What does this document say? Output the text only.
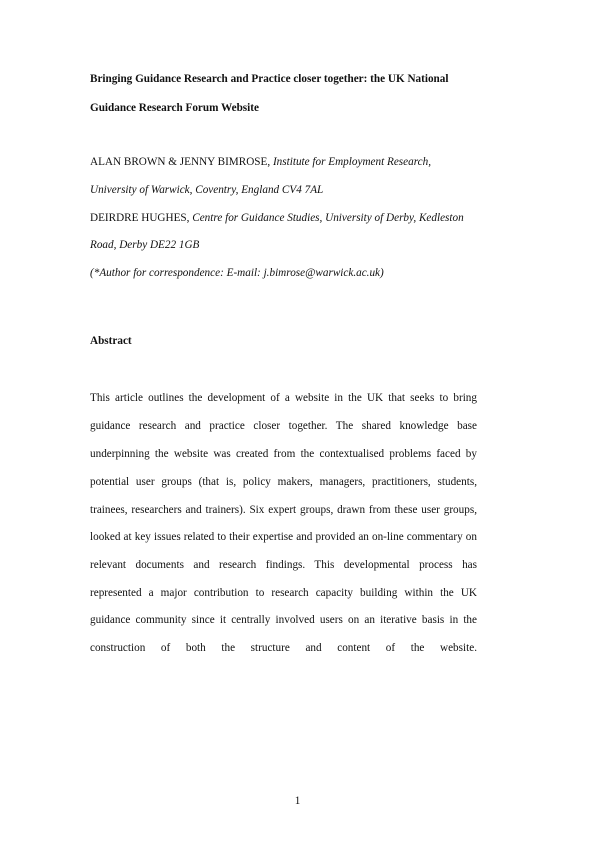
Bringing Guidance Research and Practice closer together: the UK National
Guidance Research Forum Website
ALAN BROWN & JENNY BIMROSE, Institute for Employment Research,
University of Warwick, Coventry, England CV4 7AL
DEIRDRE HUGHES, Centre for Guidance Studies, University of Derby, Kedleston
Road, Derby DE22 1GB
(*Author for correspondence: E-mail: j.bimrose@warwick.ac.uk)
Abstract
This article outlines the development of a website in the UK that seeks to bring
guidance research and practice closer together. The shared knowledge base
underpinning the website was created from the contextualised problems faced by
potential user groups (that is, policy makers, managers, practitioners, students,
trainees, researchers and trainers). Six expert groups, drawn from these user groups,
looked at key issues related to their expertise and provided an on-line commentary on
relevant documents and research findings. This developmental process has
represented a major contribution to research capacity building within the UK
guidance community since it centrally involved users on an iterative basis in the
construction of both the structure and content of the website.
1
